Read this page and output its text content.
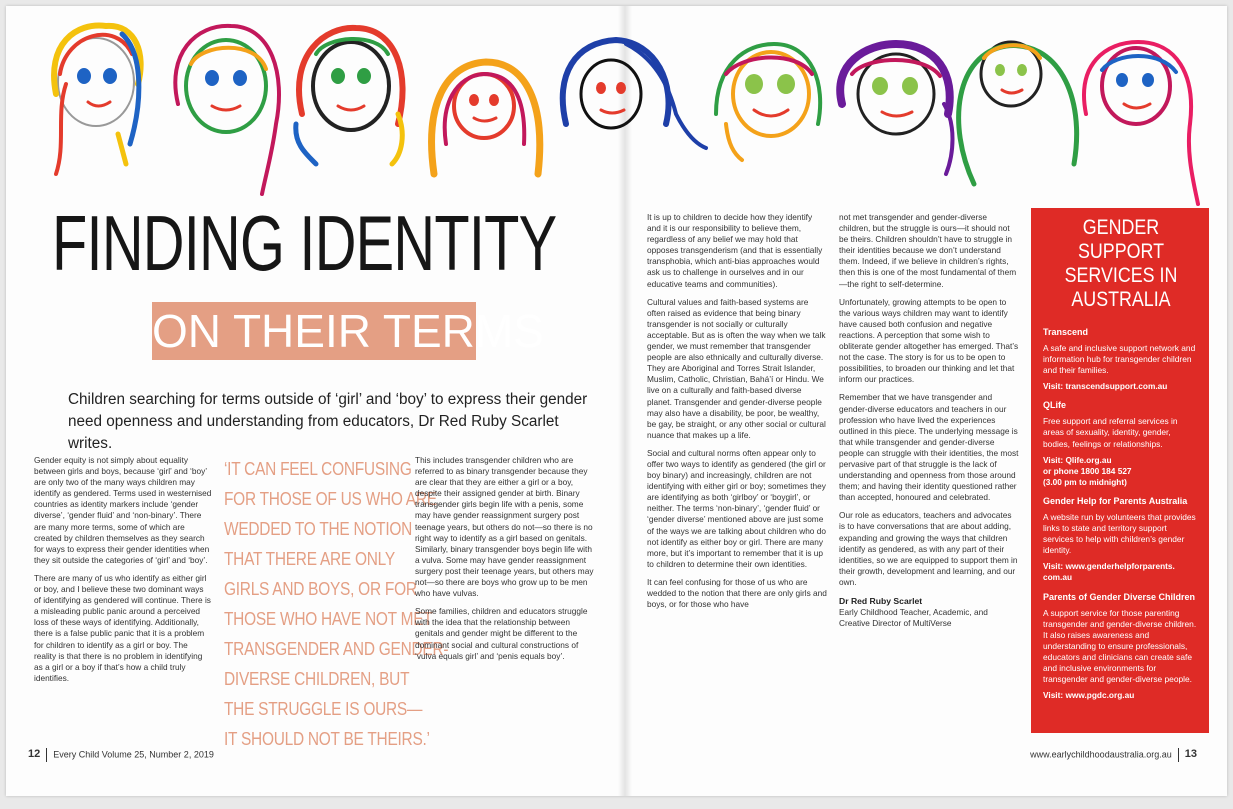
FINDING IDENTITY
ON THEIR TERMS

Children searching for terms outside of ‘girl’ and ‘boy’ to express their gender need openness and understanding from educators, Dr Red Ruby Scarlet writes.

Gender equity is not simply about equality between girls and boys, because ‘girl’ and ‘boy’ are only two of the many ways children may identify as gendered. Terms used in westernised countries as identity markers include ‘gender diverse’, ‘gender fluid’ and ‘non-binary’. There are many more terms, some of which are created by children themselves as they search for ways to express their gender identities when they sit outside the categories of ‘girl’ and ‘boy’.

There are many of us who identify as either girl or boy, and I believe these two dominant ways of identifying as gendered will continue. There is a misleading public panic around a perceived loss of these ways of identifying. Additionally, there is a false public panic that it is a problem for children to identify as a girl or boy. The reality is that there is no problem in identifying as a girl or a boy if that’s how a child truly identifies.

‘IT CAN FEEL CONFUSING
FOR THOSE OF US WHO ARE
WEDDED TO THE NOTION
THAT THERE ARE ONLY
GIRLS AND BOYS, OR FOR
THOSE WHO HAVE NOT MET
TRANSGENDER AND GENDER-
DIVERSE CHILDREN, BUT
THE STRUGGLE IS OURS—
IT SHOULD NOT BE THEIRS.’

This includes transgender children who are referred to as binary transgender because they are clear that they are either a girl or a boy, despite their assigned gender at birth. Binary transgender girls begin life with a penis, some may have gender reassignment surgery post teenage years, but others do not—so there is no right way to identify as a girl based on genitals. Similarly, binary transgender boys begin life with a vulva. Some may have gender reassignment surgery post their teenage years, but others may not—so there are boys who grow up to be men who have vulvas.

Some families, children and educators struggle with the idea that the relationship between genitals and gender might be different to the dominant social and cultural constructions of ‘vulva equals girl’ and ‘penis equals boy’.

It is up to children to decide how they identify and it is our responsibility to believe them, regardless of any belief we may hold that opposes transgenderism (and that is essentially transphobia, which anti-bias approaches would ask us to challenge in ourselves and in our educative teams and communities).

Cultural values and faith-based systems are often raised as evidence that being binary transgender is not socially or culturally acceptable. But as is often the way when we talk gender, we must remember that transgender people are also ethnically and culturally diverse. They are Aboriginal and Torres Strait Islander, Muslim, Catholic, Christian, Bahá’í or Hindu. We live on a culturally and faith-based diverse planet. Transgender and gender-diverse people may also have a disability, be poor, be wealthy, be gay, be straight, or any other social or cultural nuance that makes up a life.

Social and cultural norms often appear only to offer two ways to identify as gendered (the girl or boy binary) and increasingly, children are not identifying with either girl or boy; sometimes they are identifying as both ‘girlboy’ or ‘boygirl’, or neither. The terms ‘non-binary’, ‘gender fluid’ or ‘gender diverse’ mentioned above are just some of the ways we are talking about children who do not identify as either boy or girl. There are many more, but it’s important to remember that it is up to children to determine their own identities.

It can feel confusing for those of us who are wedded to the notion that there are only girls and boys, or for those who have

not met transgender and gender-diverse children, but the struggle is ours—it should not be theirs. Children shouldn’t have to struggle in their identities because we don’t understand them. Indeed, if we believe in children’s rights, then this is one of the most fundamental of them—the right to self-determine.

Unfortunately, growing attempts to be open to the various ways children may want to identify have caused both confusion and negative reactions. A perception that some wish to obliterate gender altogether has emerged. That’s not the case. The story is for us to be open to possibilities, to broaden our thinking and let that inform our practices.

Remember that we have transgender and gender-diverse educators and teachers in our profession who have lived the experiences outlined in this piece. The underlying message is that while transgender and gender-diverse people can struggle with their identities, the most pervasive part of that struggle is the lack of understanding and openness from those around them; and having their identity questioned rather than accepted, honoured and celebrated.

Our role as educators, teachers and advocates is to have conversations that are about adding, expanding and growing the ways that children identify as gendered, as with any part of their identities, so we are equipped to support them in their growth, development and learning, and our own.

Dr Red Ruby Scarlet
Early Childhood Teacher, Academic, and Creative Director of MultiVerse
GENDER SUPPORT SERVICES IN AUSTRALIA
Transcend
A safe and inclusive support network and information hub for transgender children and their families.
Visit: transcendsupport.com.au
QLife
Free support and referral services in areas of sexuality, identity, gender, bodies, feelings or relationships.
Visit: Qlife.org.au
or phone 1800 184 527
(3.00 pm to midnight)
Gender Help for Parents Australia
A website run by volunteers that provides links to state and territory support services to help with children’s gender identity.
Visit: www.genderhelpforparents.
com.au
Parents of Gender Diverse Children
A support service for those parenting transgender and gender-diverse children. It also raises awareness and understanding to ensure professionals, educators and clinicians can create safe and inclusive environments for transgender and gender-diverse people.
Visit: www.pgdc.org.au
12 Every Child Volume 25, Number 2, 2019	www.earlychildhoodaustralia.org.au 13
